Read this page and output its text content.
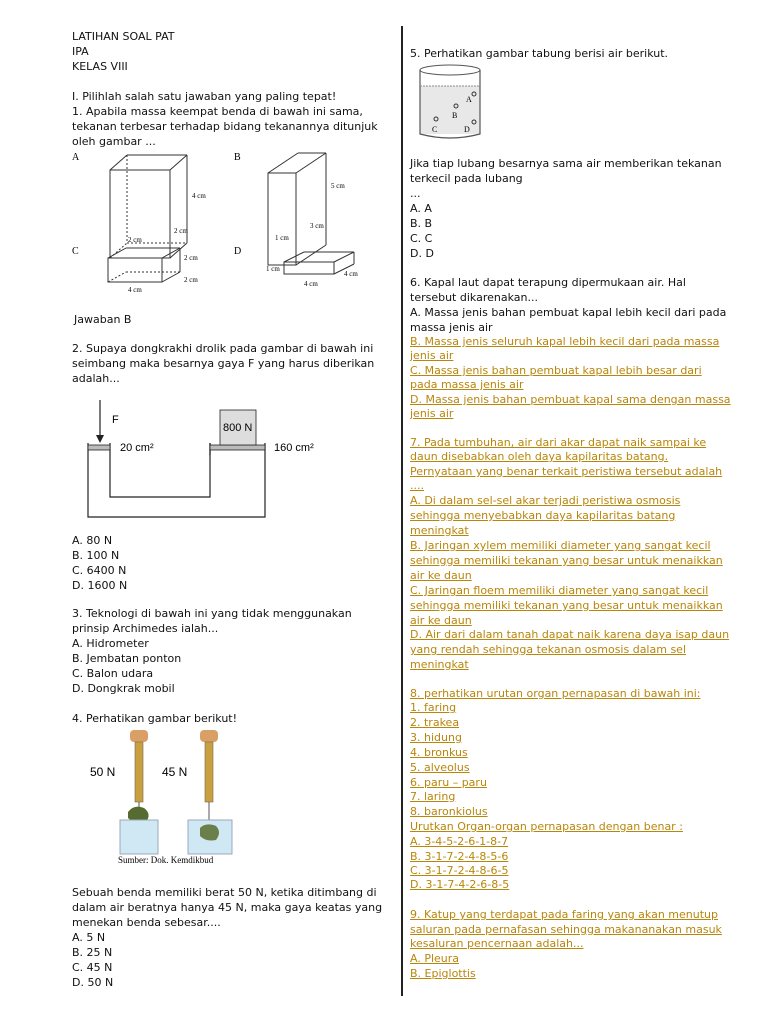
LATIHAN SOAL PAT
IPA
KELAS VIII
I. Pilihlah salah satu jawaban yang paling tepat!
1. Apabila massa keempat benda di bawah ini sama,
tekanan terbesar terhadap bidang tekanannya ditunjuk
oleh gambar ...
A	B
4 cm
2 cm
2 cm
5 cm
3 cm
1 cm
C	D
2 cm
2 cm
4 cm
1 cm
4 cm
4 cm
Jawaban B
2. Supaya dongkrakhi drolik pada gambar di bawah ini
seimbang maka besarnya gaya F yang harus diberikan
adalah...
F
20 cm²
800 N
160 cm²
A. 80 N
B. 100 N
C. 6400 N
D. 1600 N
3. Teknologi di bawah ini yang tidak menggunakan
prinsip Archimedes ialah...
A. Hidrometer
B. Jembatan ponton
C. Balon udara
D. Dongkrak mobil
4. Perhatikan gambar berikut!
50 N	45 N
Sumber: Dok. Kemdikbud
Sebuah benda memiliki berat 50 N, ketika ditimbang di
dalam air beratnya hanya 45 N, maka gaya keatas yang
menekan benda sebesar....
A. 5 N
B. 25 N
C. 45 N
D. 50 N
5. Perhatikan gambar tabung berisi air berikut.
A
B
C	D
Jika tiap lubang besarnya sama air memberikan tekanan
terkecil pada lubang
...
A. A
B. B
C. C
D. D
6. Kapal laut dapat terapung dipermukaan air. Hal
tersebut dikarenakan...
A. Massa jenis bahan pembuat kapal lebih kecil dari pada
massa jenis air
B. Massa jenis seluruh kapal lebih kecil dari pada massa
jenis air
C. Massa jenis bahan pembuat kapal lebih besar dari
pada massa jenis air
D. Massa jenis bahan pembuat kapal sama dengan massa
jenis air
7. Pada tumbuhan, air dari akar dapat naik sampai ke
daun disebabkan oleh daya kapilaritas batang.
Pernyataan yang benar terkait peristiwa tersebut adalah
....
A. Di dalam sel-sel akar terjadi peristiwa osmosis
sehingga menyebabkan daya kapilaritas batang
meningkat
B. Jaringan xylem memiliki diameter yang sangat kecil
sehingga memiliki tekanan yang besar untuk menaikkan
air ke daun
C. Jaringan floem memiliki diameter yang sangat kecil
sehingga memiliki tekanan yang besar untuk menaikkan
air ke daun
D. Air dari dalam tanah dapat naik karena daya isap daun
yang rendah sehingga tekanan osmosis dalam sel
meningkat
8. perhatikan urutan organ pernapasan di bawah ini:
1. faring
2. trakea
3. hidung
4. bronkus
5. alveolus
6. paru – paru
7. laring
8. baronkiolus
Urutkan Organ-organ pernapasan dengan benar :
A. 3-4-5-2-6-1-8-7
B. 3-1-7-2-4-8-5-6
C. 3-1-7-2-4-8-6-5
D. 3-1-7-4-2-6-8-5
9. Katup yang terdapat pada faring yang akan menutup
saluran pada pernafasan sehingga makananakan masuk
kesaluran pencernaan adalah...
A. Pleura
B. Epiglottis
